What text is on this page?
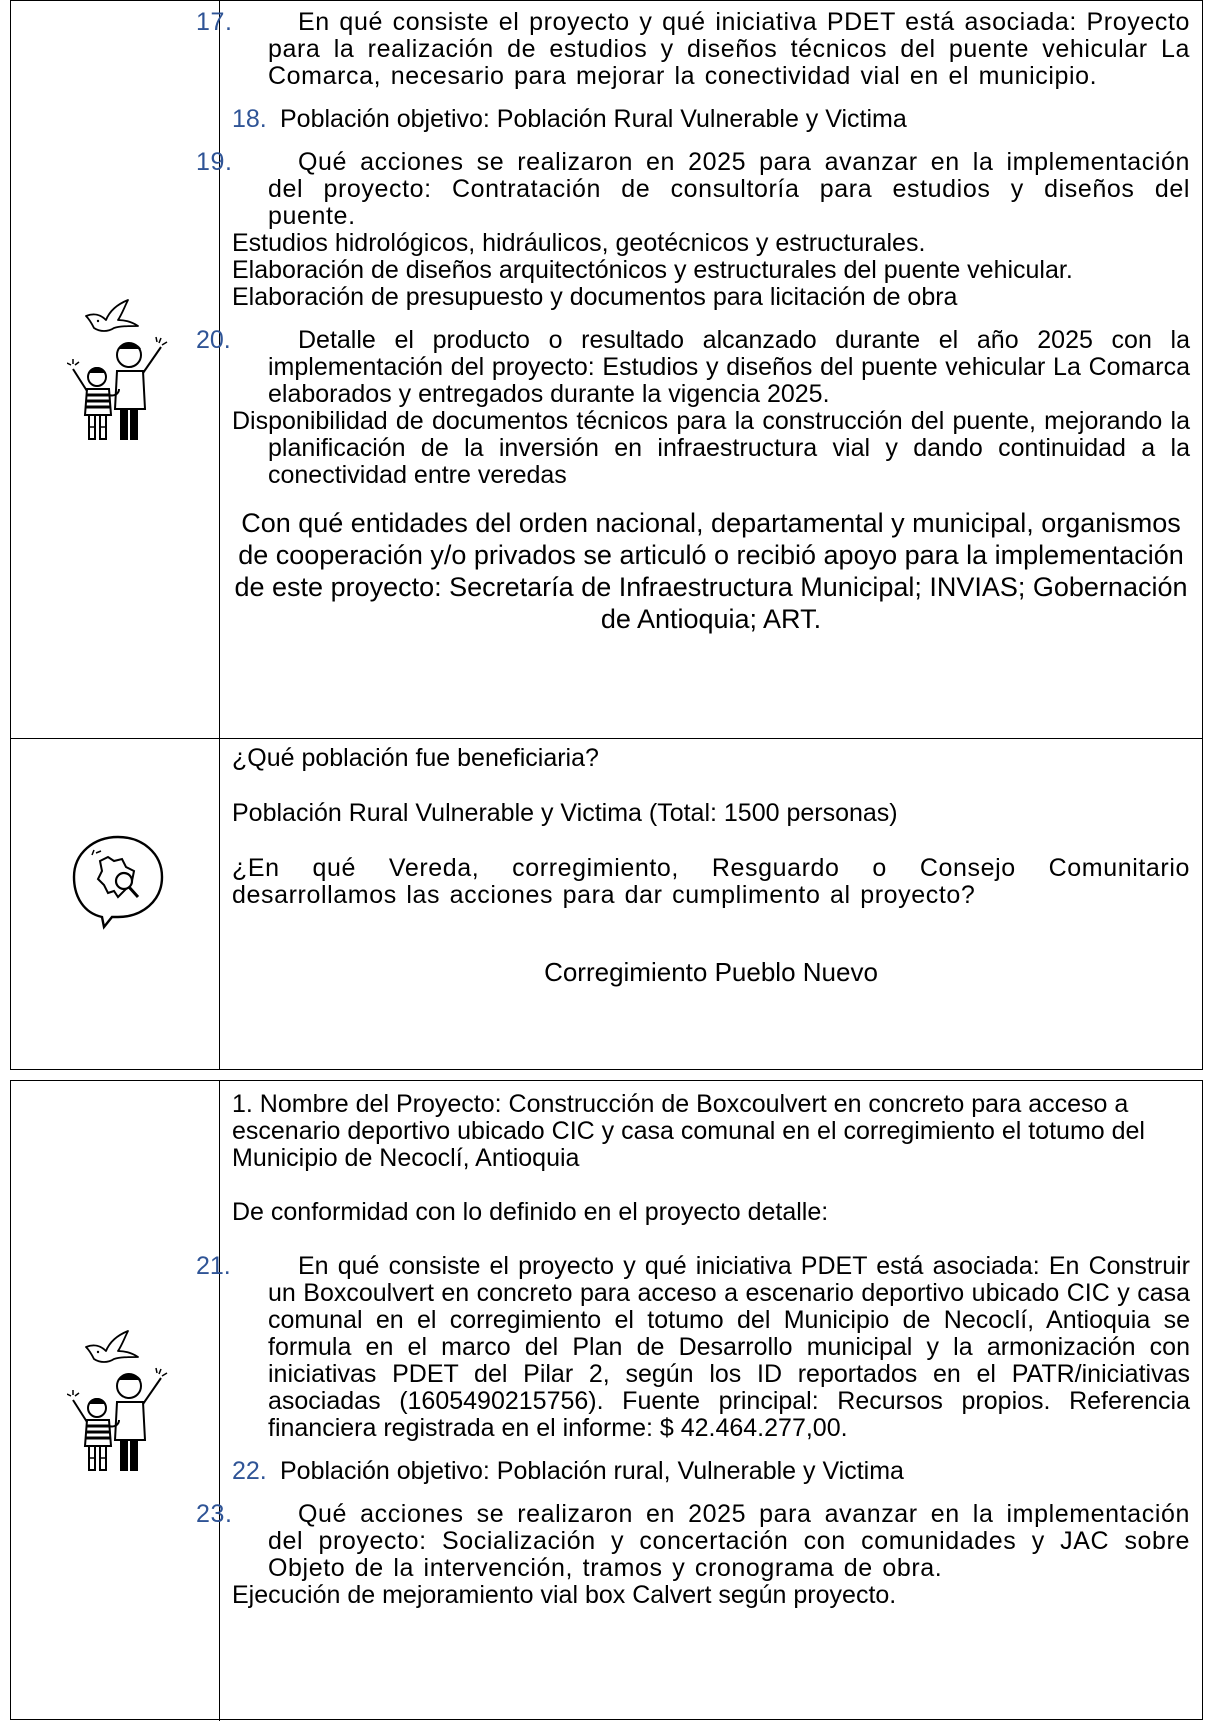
17.	En qué consiste el proyecto y qué iniciativa PDET está asociada: Proyecto para la realización de estudios y diseños técnicos del puente vehicular La Comarca, necesario para mejorar la conectividad vial en el municipio.

18. Población objetivo: Población Rural Vulnerable y Victima

19.	Qué acciones se realizaron en 2025 para avanzar en la implementación del proyecto: Contratación de consultoría para estudios y diseños del puente.

Estudios hidrológicos, hidráulicos, geotécnicos y estructurales.

Elaboración de diseños arquitectónicos y estructurales del puente vehicular.

Elaboración de presupuesto y documentos para licitación de obra

20.	Detalle el producto o resultado alcanzado durante el año 2025 con la implementación del proyecto: Estudios y diseños del puente vehicular La Comarca elaborados y entregados durante la vigencia 2025.

Disponibilidad de documentos técnicos para la construcción del puente, mejorando la planificación de la inversión en infraestructura vial y dando continuidad a la conectividad entre veredas

Con qué entidades del orden nacional, departamental y municipal, organismos de cooperación y/o privados se articuló o recibió apoyo para la implementación de este proyecto: Secretaría de Infraestructura Municipal; INVIAS; Gobernación de Antioquia; ART.

¿Qué población fue beneficiaria?

Población Rural Vulnerable y Victima (Total: 1500 personas)

¿En qué Vereda, corregimiento, Resguardo o Consejo Comunitario desarrollamos las acciones para dar cumplimento al proyecto?

Corregimiento Pueblo Nuevo

1. Nombre del Proyecto: Construcción de Boxcoulvert en concreto para acceso a escenario deportivo ubicado CIC y casa comunal en el corregimiento el totumo del Municipio de Necoclí, Antioquia

De conformidad con lo definido en el proyecto detalle:

21.	En qué consiste el proyecto y qué iniciativa PDET está asociada: En Construir un Boxcoulvert en concreto para acceso a escenario deportivo ubicado CIC y casa comunal en el corregimiento el totumo del Municipio de Necoclí, Antioquia se formula en el marco del Plan de Desarrollo municipal y la armonización con iniciativas PDET del Pilar 2, según los ID reportados en el PATR/iniciativas asociadas (1605490215756). Fuente principal: Recursos propios. Referencia financiera registrada en el informe: $ 42.464.277,00.

22. Población objetivo: Población rural, Vulnerable y Victima

23.	Qué acciones se realizaron en 2025 para avanzar en la implementación del proyecto: Socialización y concertación con comunidades y JAC sobre Objeto de la intervención, tramos y cronograma de obra.

Ejecución de mejoramiento vial box Calvert según proyecto.
